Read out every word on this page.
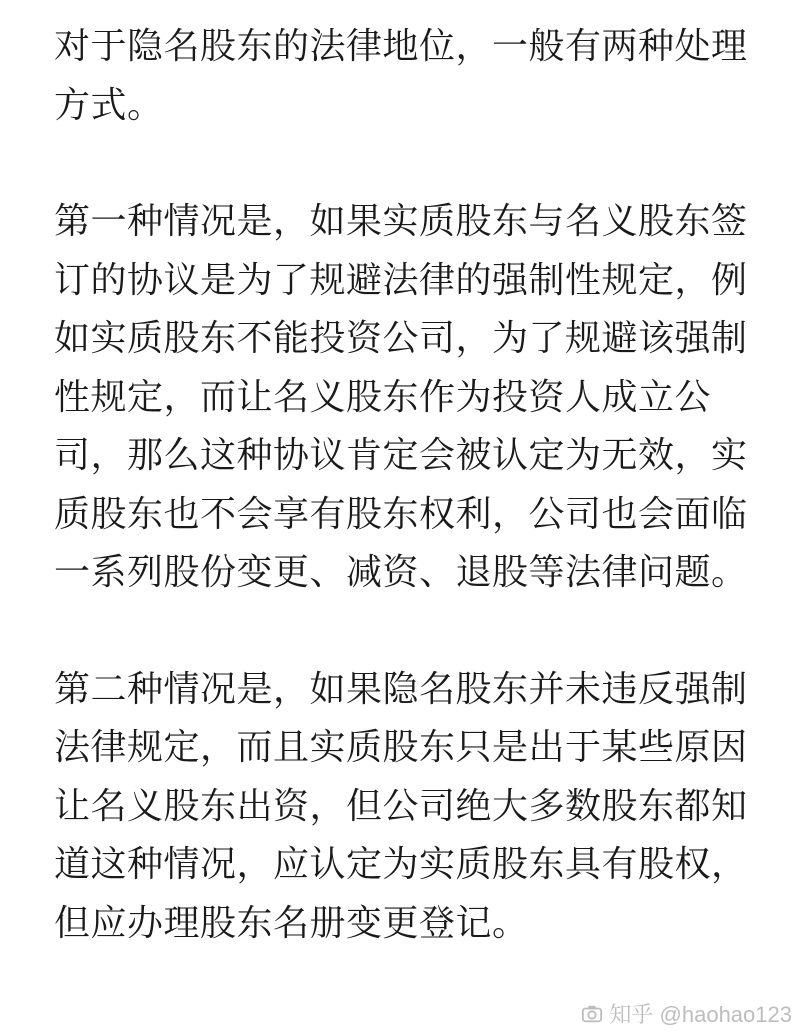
对于隐名股东的法律地位，一般有两种处理
方式。

第一种情况是，如果实质股东与名义股东签
订的协议是为了规避法律的强制性规定，例
如实质股东不能投资公司，为了规避该强制
性规定，而让名义股东作为投资人成立公
司，那么这种协议肯定会被认定为无效，实
质股东也不会享有股东权利，公司也会面临
一系列股份变更、减资、退股等法律问题。

第二种情况是，如果隐名股东并未违反强制
法律规定，而且实质股东只是出于某些原因
让名义股东出资，但公司绝大多数股东都知
道这种情况，应认定为实质股东具有股权，
但应办理股东名册变更登记。

知乎 @haohao123
